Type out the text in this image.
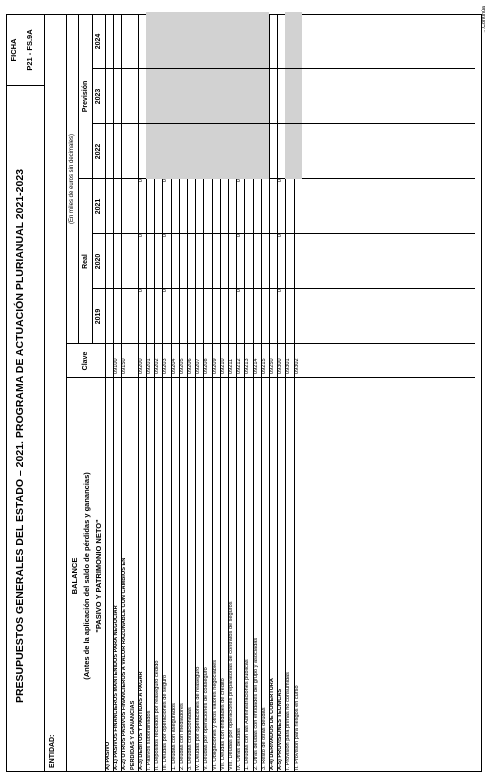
PRESUPUESTOS GENERALES DEL ESTADO – 2021. PROGRAMA DE ACTUACIÓN PLURIANUAL 2021-2023
FICHA P21 - FS.9A
ENTIDAD:
BALANCE (Antes de la aplicación del saldo de pérdidas y ganancias) "PASIVO Y PATRIMONIO NETO"
(En miles de euros sin decimales)
Clave
Real
Previsión
A) PASIVO A-1) PASIVOS FINANCIEROS MANTENIDOS PARA NEGOCIAR
09100
A-2) OTROS PASIVOS FINANCIEROS A VALOR RAZONABLE CON CAMBIOS EN
09150
PÉRDIDAS Y GANANCIAS A-3) DÉBITOS Y PARTIDAS A PAGAR
09200
0
0
0
I. Pasivos subordinados
09201
II. Depósitos recibidos por reaseguro cedido
09202
III. Deudas por operaciones de seguro
09203
0
0
0
1. Deudas con asegurados
09204
2. Deudas con mediadores
09205
3. Deudas condicionadas
09206
IV. Deudas por operaciones de reaseguro
09207
V. Deudas por operaciones de coaseguro
09208
VI. Obligaciones y otros valores negociables
09209
VII. Deudas con entidades de crédito
09210
VIII. Deudas por operaciones preparatorias de contratos de seguros
09211
IX. Otras deudas
09212
0
0
0
1. Deudas con las Administraciones públicas
09213
2. Otras deudas con entidades del grupo y asociadas
09214
3. Resto de otras deudas
09215
A-4) DERIVADOS DE COBERTURA
09250
A-5) PROVISIONES TÉCNICAS
09300
0
0
0
I. Provisión para primas no consumidas
09301
II. Provisión para riesgos en curso
09302
...Continúa
2019
2020
2021
2022
2023
2024
